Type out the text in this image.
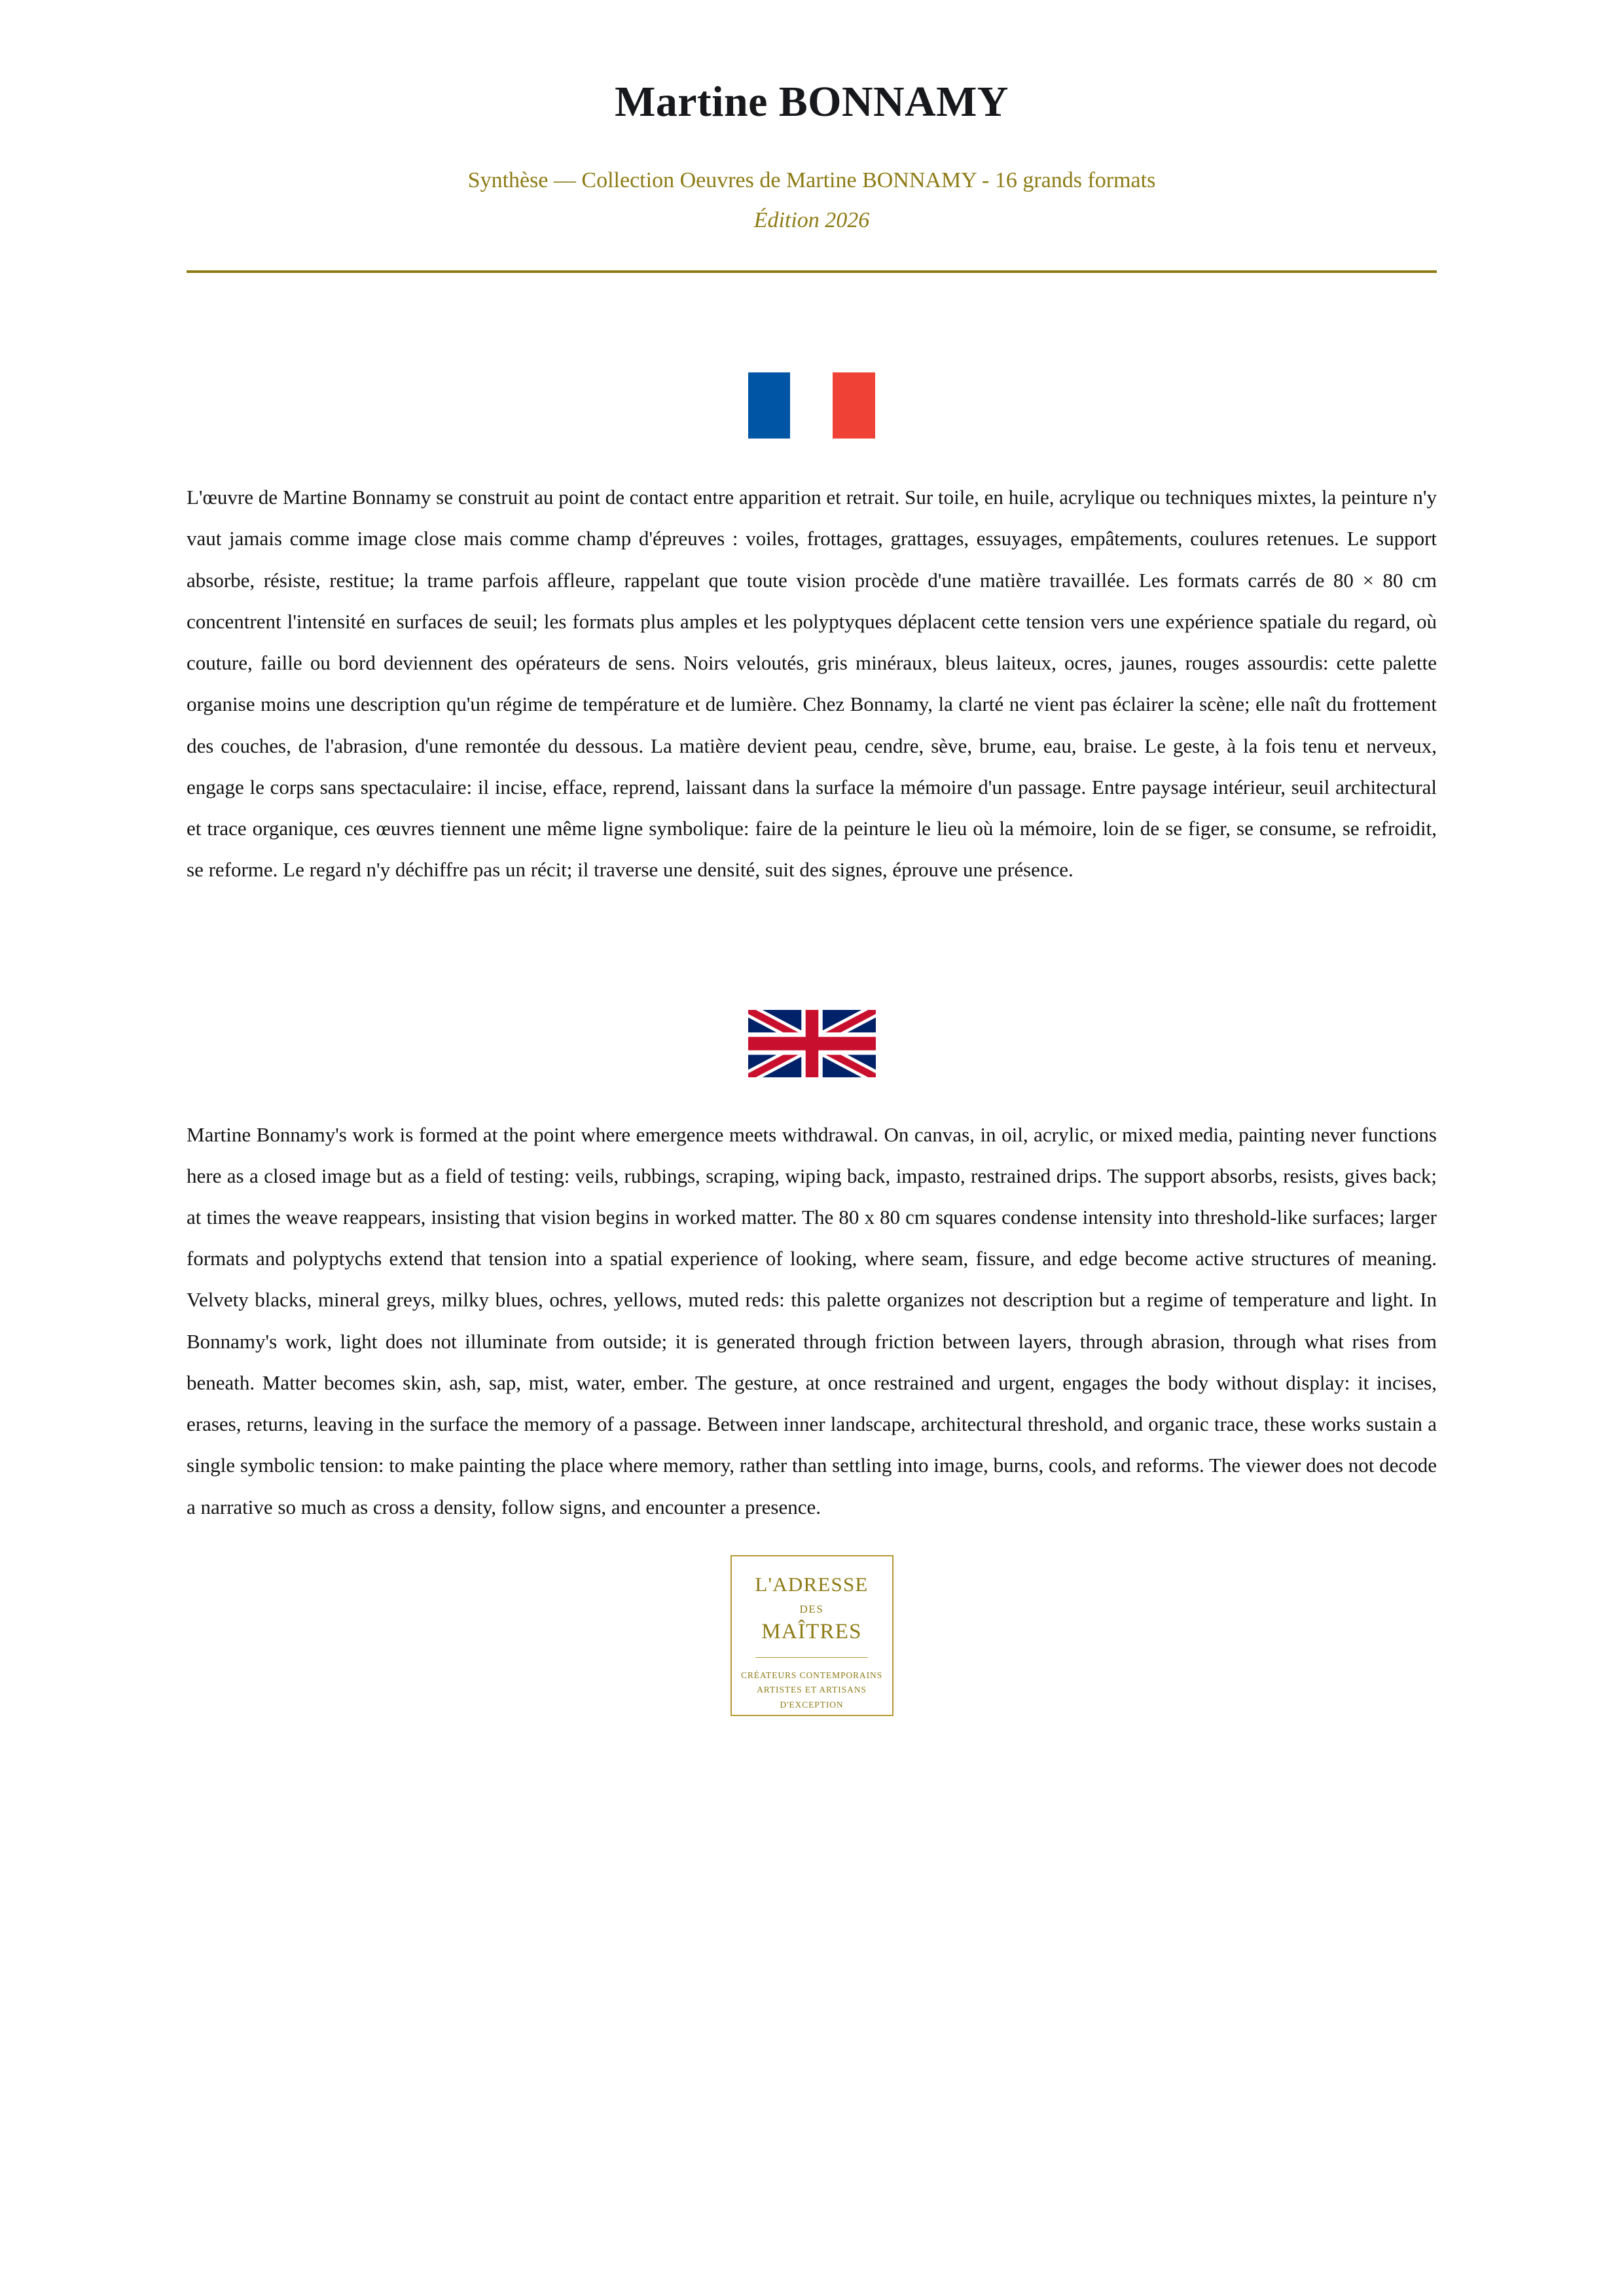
Martine BONNAMY
Synthèse — Collection Oeuvres de Martine BONNAMY - 16 grands formats
Édition 2026

L'œuvre de Martine Bonnamy se construit au point de contact entre apparition et retrait. Sur toile, en huile, acrylique ou techniques mixtes, la peinture n'y vaut jamais comme image close mais comme champ d'épreuves : voiles, frottages, grattages, essuyages, empâtements, coulures retenues. Le support absorbe, résiste, restitue; la trame parfois affleure, rappelant que toute vision procède d'une matière travaillée. Les formats carrés de 80 × 80 cm concentrent l'intensité en surfaces de seuil; les formats plus amples et les polyptyques déplacent cette tension vers une expérience spatiale du regard, où couture, faille ou bord deviennent des opérateurs de sens. Noirs veloutés, gris minéraux, bleus laiteux, ocres, jaunes, rouges assourdis: cette palette organise moins une description qu'un régime de température et de lumière. Chez Bonnamy, la clarté ne vient pas éclairer la scène; elle naît du frottement des couches, de l'abrasion, d'une remontée du dessous. La matière devient peau, cendre, sève, brume, eau, braise. Le geste, à la fois tenu et nerveux, engage le corps sans spectaculaire: il incise, efface, reprend, laissant dans la surface la mémoire d'un passage. Entre paysage intérieur, seuil architectural et trace organique, ces œuvres tiennent une même ligne symbolique: faire de la peinture le lieu où la mémoire, loin de se figer, se consume, se refroidit, se reforme. Le regard n'y déchiffre pas un récit; il traverse une densité, suit des signes, éprouve une présence.

Martine Bonnamy's work is formed at the point where emergence meets withdrawal. On canvas, in oil, acrylic, or mixed media, painting never functions here as a closed image but as a field of testing: veils, rubbings, scraping, wiping back, impasto, restrained drips. The support absorbs, resists, gives back; at times the weave reappears, insisting that vision begins in worked matter. The 80 x 80 cm squares condense intensity into threshold-like surfaces; larger formats and polyptychs extend that tension into a spatial experience of looking, where seam, fissure, and edge become active structures of meaning. Velvety blacks, mineral greys, milky blues, ochres, yellows, muted reds: this palette organizes not description but a regime of temperature and light. In Bonnamy's work, light does not illuminate from outside; it is generated through friction between layers, through abrasion, through what rises from beneath. Matter becomes skin, ash, sap, mist, water, ember. The gesture, at once restrained and urgent, engages the body without display: it incises, erases, returns, leaving in the surface the memory of a passage. Between inner landscape, architectural threshold, and organic trace, these works sustain a single symbolic tension: to make painting the place where memory, rather than settling into image, burns, cools, and reforms. The viewer does not decode a narrative so much as cross a density, follow signs, and encounter a presence.

L'ADRESSE
DES
MAÎTRES
CRÉATEURS CONTEMPORAINS
ARTISTES ET ARTISANS
D'EXCEPTION
